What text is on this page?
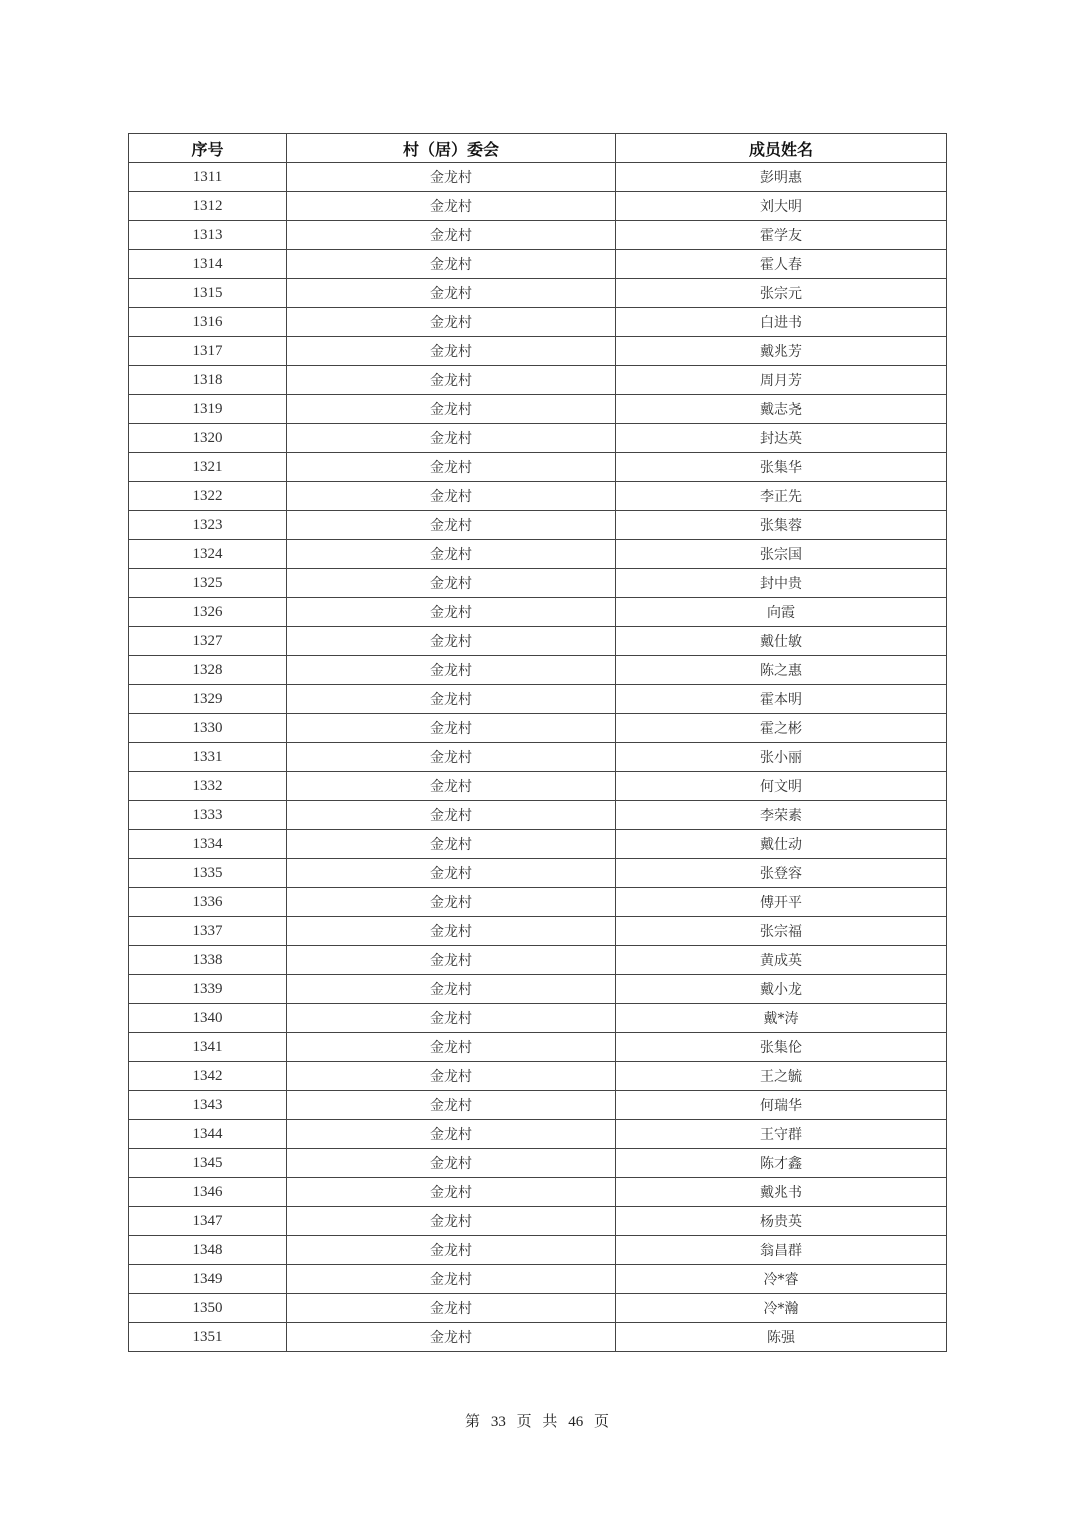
序号	村（居）委会	成员姓名
1311	金龙村	彭明惠
1312	金龙村	刘大明
1313	金龙村	霍学友
1314	金龙村	霍人春
1315	金龙村	张宗元
1316	金龙村	白进书
1317	金龙村	戴兆芳
1318	金龙村	周月芳
1319	金龙村	戴志尧
1320	金龙村	封达英
1321	金龙村	张集华
1322	金龙村	李正先
1323	金龙村	张集蓉
1324	金龙村	张宗国
1325	金龙村	封中贵
1326	金龙村	向霞
1327	金龙村	戴仕敏
1328	金龙村	陈之惠
1329	金龙村	霍本明
1330	金龙村	霍之彬
1331	金龙村	张小丽
1332	金龙村	何文明
1333	金龙村	李荣素
1334	金龙村	戴仕动
1335	金龙村	张登容
1336	金龙村	傅开平
1337	金龙村	张宗福
1338	金龙村	黄成英
1339	金龙村	戴小龙
1340	金龙村	戴*涛
1341	金龙村	张集伦
1342	金龙村	王之毓
1343	金龙村	何瑞华
1344	金龙村	王守群
1345	金龙村	陈才鑫
1346	金龙村	戴兆书
1347	金龙村	杨贵英
1348	金龙村	翁昌群
1349	金龙村	冷*睿
1350	金龙村	冷*瀚
1351	金龙村	陈强
第 33 页 共 46 页
